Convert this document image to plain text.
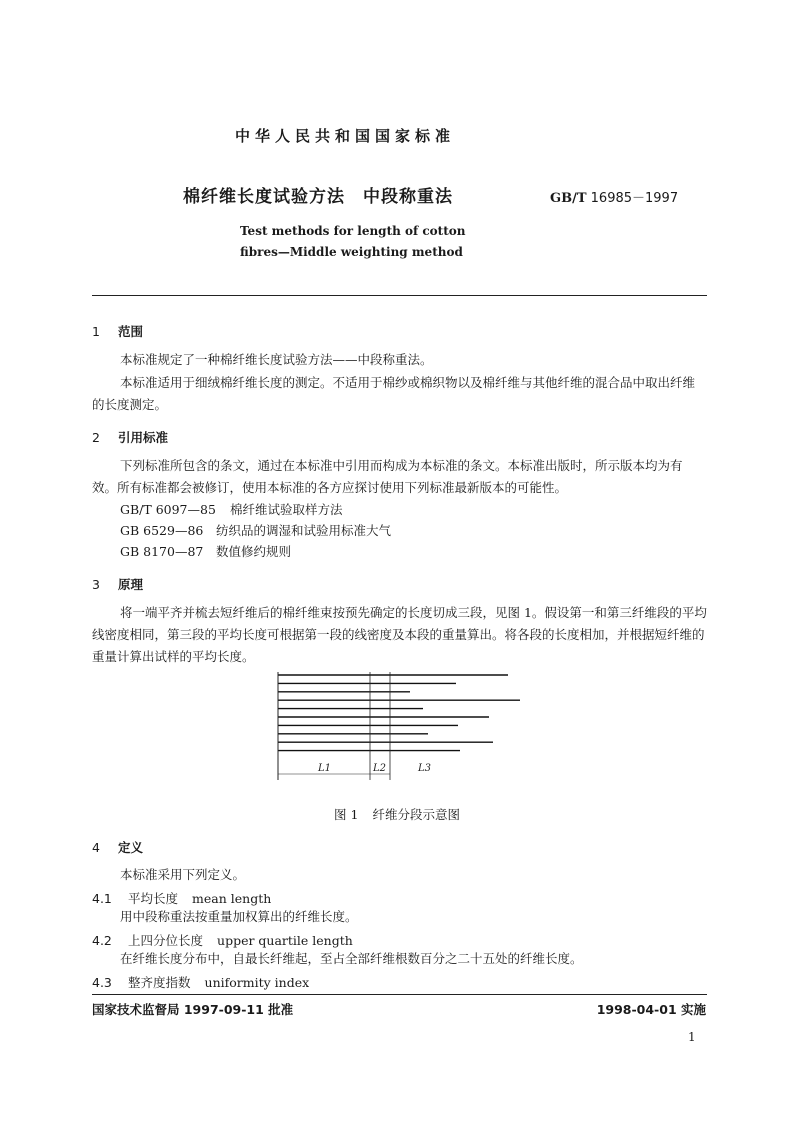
中华人民共和国国家标准
棉纤维长度试验方法　中段称重法	GB/T 16985－1997
Test methods for length of cotton
fibres—Middle weighting method
1 范围
本标准规定了一种棉纤维长度试验方法——中段称重法。
本标准适用于细绒棉纤维长度的测定。不适用于棉纱或棉织物以及棉纤维与其他纤维的混合品中取出纤维的长度测定。
2 引用标准
下列标准所包含的条文，通过在本标准中引用而构成为本标准的条文。本标准出版时，所示版本均为有效。所有标准都会被修订，使用本标准的各方应探讨使用下列标准最新版本的可能性。
GB/T 6097—85 棉纤维试验取样方法
GB 6529—86 纺织品的调湿和试验用标准大气
GB 8170—87 数值修约规则
3 原理
将一端平齐并梳去短纤维后的棉纤维束按预先确定的长度切成三段，见图 1。假设第一和第三纤维段的平均线密度相同，第三段的平均长度可根据第一段的线密度及本段的重量算出。将各段的长度相加，并根据短纤维的重量计算出试样的平均长度。
L1	L2	L3
图 1 纤维分段示意图
4 定义
本标准采用下列定义。
4.1 平均长度 mean length
用中段称重法按重量加权算出的纤维长度。
4.2 上四分位长度 upper quartile length
在纤维长度分布中，自最长纤维起，至占全部纤维根数百分之二十五处的纤维长度。
4.3 整齐度指数 uniformity index
国家技术监督局 1997-09-11 批准	1998-04-01 实施
1
